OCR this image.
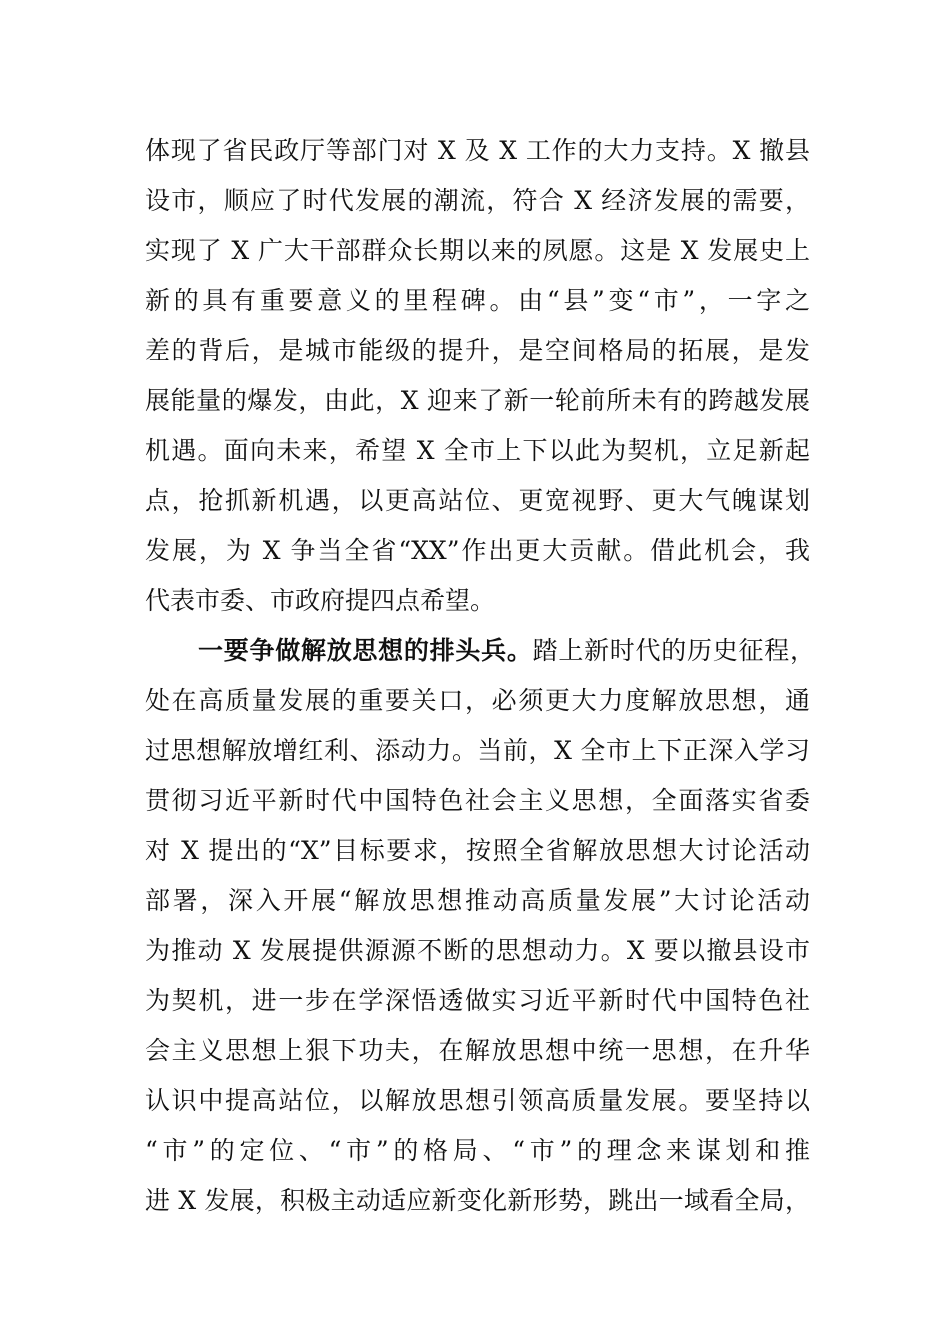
体现了省民政厅等部门对 X 及 X 工作的大力支持。X 撤县
设市，顺应了时代发展的潮流，符合 X 经济发展的需要，
实现了 X 广大干部群众长期以来的夙愿。这是 X 发展史上
新的具有重要意义的里程碑。由“县”变“市”，一字之
差的背后，是城市能级的提升，是空间格局的拓展，是发
展能量的爆发，由此，X 迎来了新一轮前所未有的跨越发展
机遇。面向未来，希望 X 全市上下以此为契机，立足新起
点，抢抓新机遇，以更高站位、更宽视野、更大气魄谋划
发展，为 X 争当全省“XX”作出更大贡献。借此机会，我
代表市委、市政府提四点希望。
一要争做解放思想的排头兵。踏上新时代的历史征程，
处在高质量发展的重要关口，必须更大力度解放思想，通
过思想解放增红利、添动力。当前，X 全市上下正深入学习
贯彻习近平新时代中国特色社会主义思想，全面落实省委
对 X 提出的“X”目标要求，按照全省解放思想大讨论活动
部署，深入开展“解放思想推动高质量发展”大讨论活动
为推动 X 发展提供源源不断的思想动力。X 要以撤县设市
为契机，进一步在学深悟透做实习近平新时代中国特色社
会主义思想上狠下功夫，在解放思想中统一思想，在升华
认识中提高站位，以解放思想引领高质量发展。要坚持以
“市”的定位、“市”的格局、“市”的理念来谋划和推
进 X 发展，积极主动适应新变化新形势，跳出一域看全局，
